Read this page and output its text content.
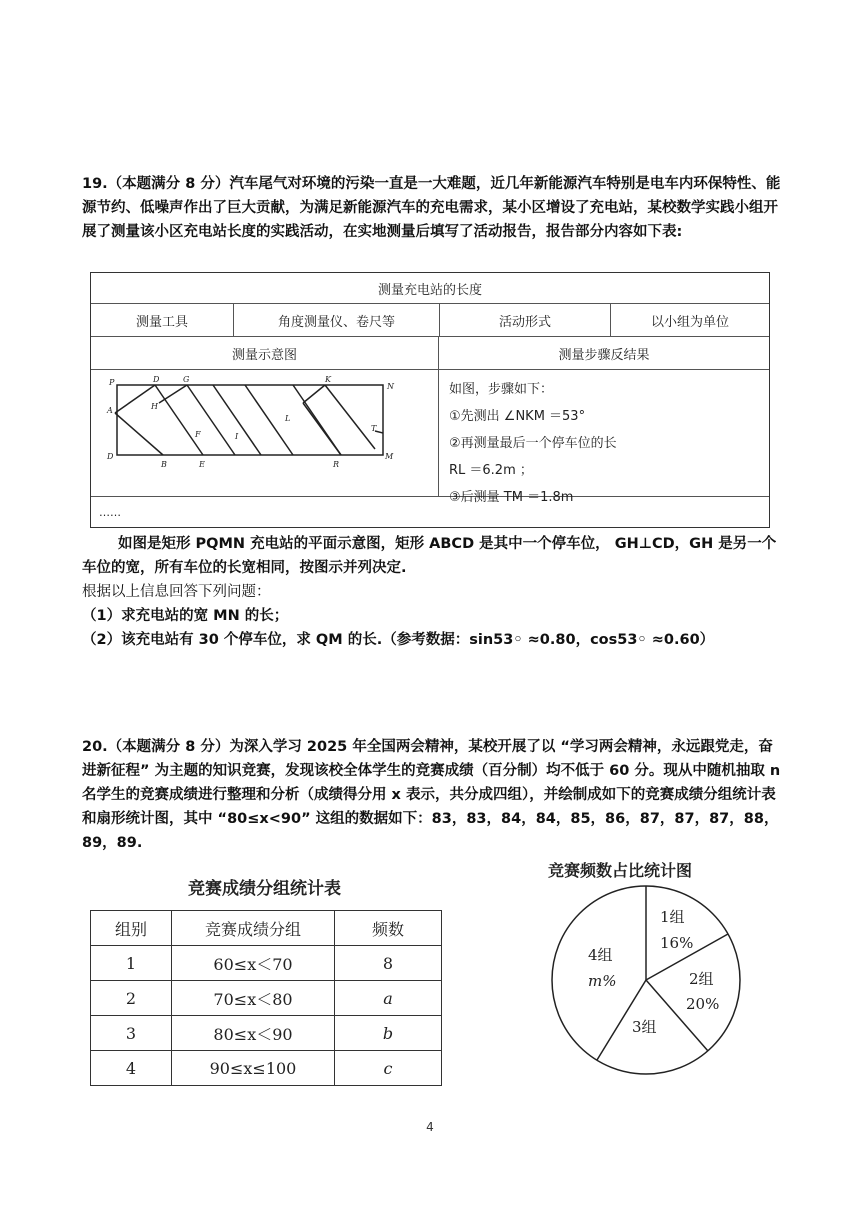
19.（本题满分 8 分）汽车尾气对环境的污染一直是一大难题，近几年新能源汽车特别是电车内环保特性、能源节约、低噪声作出了巨大贡献，为满足新能源汽车的充电需求，某小区增设了充电站，某校数学实践小组开展了测量该小区充电站长度的实践活动，在实地测量后填写了活动报告，报告部分内容如下表:

测量充电站的长度
测量工具	角度测量仪、卷尺等	活动形式	以小组为单位
测量示意图	测量步骤反结果
P	D	G	K
N
A	H
L
T
M
F	I
D
B	E	R
如图，步骤如下：
①先测出 ∠NKM ＝53°
②再测量最后一个停车位的长
RL ＝6.2m ；
③后测量 TM ＝1.8m
……

如图是矩形 PQMN 充电站的平面示意图，矩形 ABCD 是其中一个停车位， GH⊥CD，GH 是另一个车位的宽，所有车位的长宽相同，按图示并列决定.

根据以上信息回答下列问题：

（1）求充电站的宽 MN 的长；

（2）该充电站有 30 个停车位，求 QM 的长.（参考数据：sin53◦ ≈0.80，cos53◦ ≈0.60）

20.（本题满分 8 分）为深入学习 2025 年全国两会精神，某校开展了以 “学习两会精神，永远跟党走，奋进新征程” 为主题的知识竞赛，发现该校全体学生的竞赛成绩（百分制）均不低于 60 分。现从中随机抽取 n 名学生的竞赛成绩进行整理和分析（成绩得分用 x 表示，共分成四组），并绘制成如下的竞赛成绩分组统计表和扇形统计图，其中 “80≤x<90” 这组的数据如下：83，83，84，84，85，86，87，87，87，88，89，89.

竞赛成绩分组统计表
组别	竞赛成绩分组	频数
1	60≤x＜70	8
2	70≤x＜80	a
3	80≤x＜90	b
4	90≤x≤100	c
竞赛频数占比统计图
1组
16%
2组
20%
3组
4组
m%
4
